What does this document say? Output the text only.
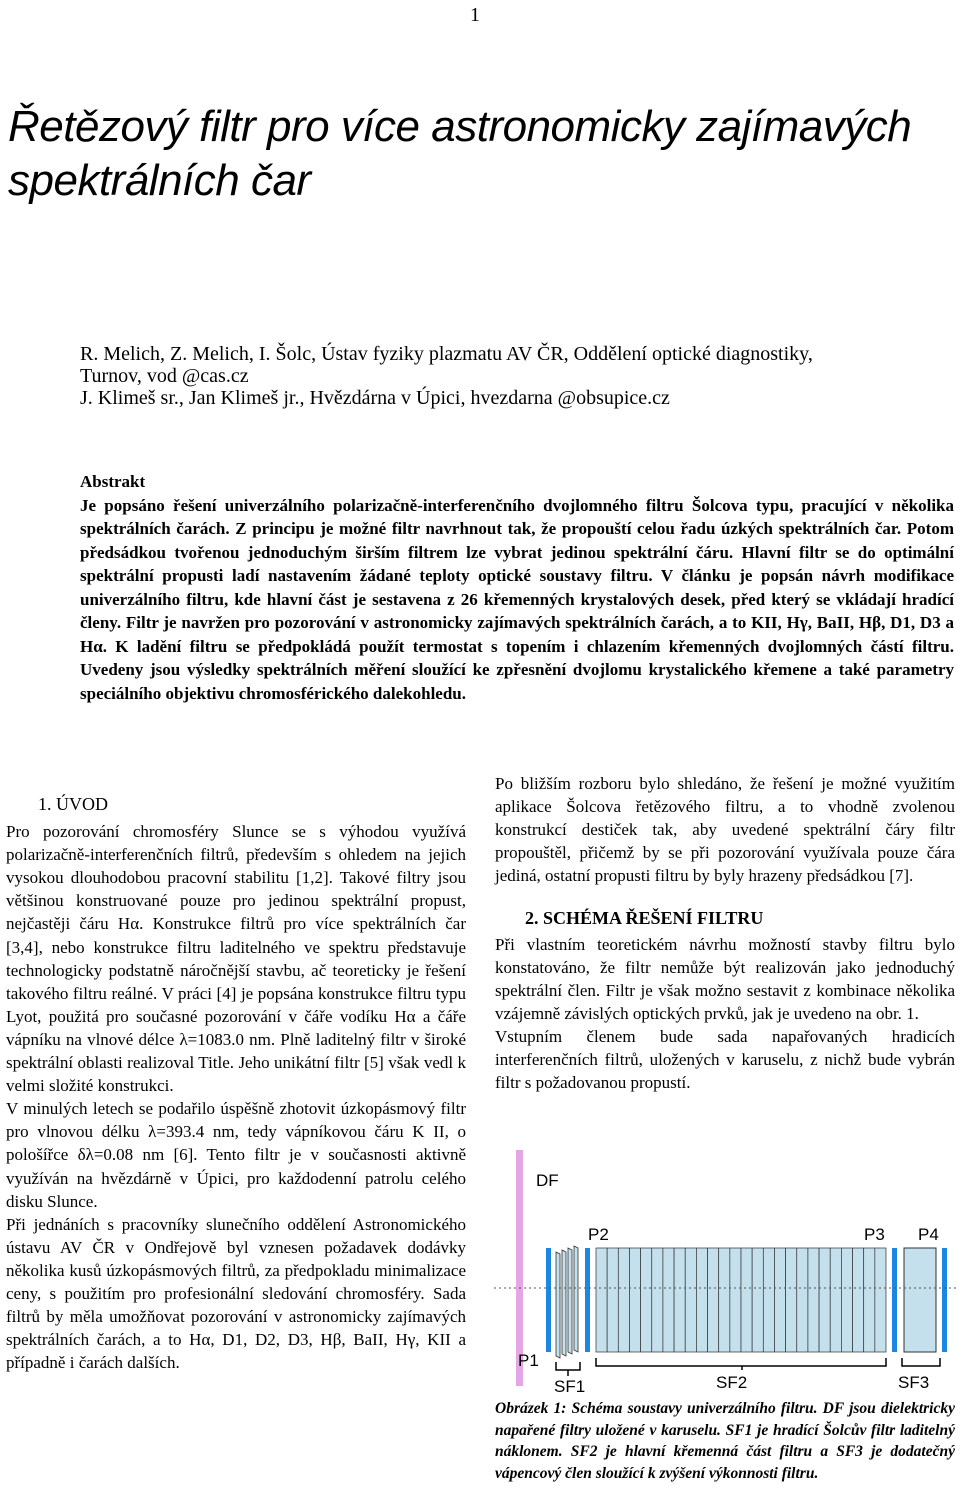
1
Řetězový filtr pro více astronomicky zajímavých spektrálních čar
R. Melich, Z. Melich, I. Šolc, Ústav fyziky plazmatu AV ČR, Oddělení optické diagnostiky,
Turnov, vod @cas.cz
J. Klimeš sr., Jan Klimeš jr., Hvězdárna v Úpici, hvezdarna @obsupice.cz
Abstrakt
Je popsáno řešení univerzálního polarizačně-interferenčního dvojlomného filtru Šolcova typu, pracující v několika spektrálních čarách. Z principu je možné filtr navrhnout tak, že propouští celou řadu úzkých spektrálních čar. Potom předsádkou tvořenou jednoduchým širším filtrem lze vybrat jedinou spektrální čáru. Hlavní filtr se do optimální spektrální propusti ladí nastavením žádané teploty optické soustavy filtru. V článku je popsán návrh modifikace univerzálního filtru, kde hlavní část je sestavena z 26 křemenných krystalových desek, před který se vkládají hradící členy. Filtr je navržen pro pozorování v astronomicky zajímavých spektrálních čarách, a to KII, Hγ, BaII, Hβ, D1, D3 a Hα. K ladění filtru se předpokládá použít termostat s topením i chlazením křemenných dvojlomných částí filtru. Uvedeny jsou výsledky spektrálních měření sloužící ke zpřesnění dvojlomu krystalického křemene a také parametry speciálního objektivu chromosférického dalekohledu.

1. ÚVOD

Pro pozorování chromosféry Slunce se s výhodou využívá polarizačně-interferenčních filtrů, především s ohledem na jejich vysokou dlouhodobou pracovní stabilitu [1,2]. Takové filtry jsou většinou konstruované pouze pro jedinou spektrální propust, nejčastěji čáru Hα. Konstrukce filtrů pro více spektrálních čar [3,4], nebo konstrukce filtru laditelného ve spektru představuje technologicky podstatně náročnější stavbu, ač teoreticky je řešení takového filtru reálné. V práci [4] je popsána konstrukce filtru typu Lyot, použitá pro současné pozorování v čáře vodíku Hα a čáře vápníku na vlnové délce λ=1083.0 nm. Plně laditelný filtr v široké spektrální oblasti realizoval Title. Jeho unikátní filtr [5] však vedl k velmi složité konstrukci.

V minulých letech se podařilo úspěšně zhotovit úzkopásmový filtr pro vlnovou délku λ=393.4 nm, tedy vápníkovou čáru K II, o pološířce δλ=0.08 nm [6]. Tento filtr je v současnosti aktivně využíván na hvězdárně v Úpici, pro každodenní patrolu celého disku Slunce.

Při jednáních s pracovníky slunečního oddělení Astronomického ústavu AV ČR v Ondřejově byl vznesen požadavek dodávky několika kusů úzkopásmových filtrů, za předpokladu minimalizace ceny, s použitím pro profesionální sledování chromosféry. Sada filtrů by měla umožňovat pozorování v astronomicky zajímavých spektrálních čarách, a to Hα, D1, D2, D3, Hβ, BaII, Hγ, KII a případně i čarách dalších.

Po bližším rozboru bylo shledáno, že řešení je možné využitím aplikace Šolcova řetězového filtru, a to vhodně zvolenou konstrukcí destiček tak, aby uvedené spektrální čáry filtr propouštěl, přičemž by se při pozorování využívala pouze čára jediná, ostatní propusti filtru by byly hrazeny předsádkou [7].

2. SCHÉMA ŘEŠENÍ FILTRU

Při vlastním teoretickém návrhu možností stavby filtru bylo konstatováno, že filtr nemůže být realizován jako jednoduchý spektrální člen. Filtr je však možno sestavit z kombinace několika vzájemně závislých optických prvků, jak je uvedeno na obr. 1.

Vstupním členem bude sada napařovaných hradicích interferenčních filtrů, uložených v karuselu, z nichž bude vybrán filtr s požadovanou propustí.

DF
P1
P2	P3 P4
SF1	SF2	SF3
Obrázek 1: Schéma soustavy univerzálního filtru. DF jsou dielektricky napařené filtry uložené v karuselu. SF1 je hradící Šolcův filtr laditelný náklonem. SF2 je hlavní křemenná část filtru a SF3 je dodatečný vápencový člen sloužící k zvýšení výkonnosti filtru.
